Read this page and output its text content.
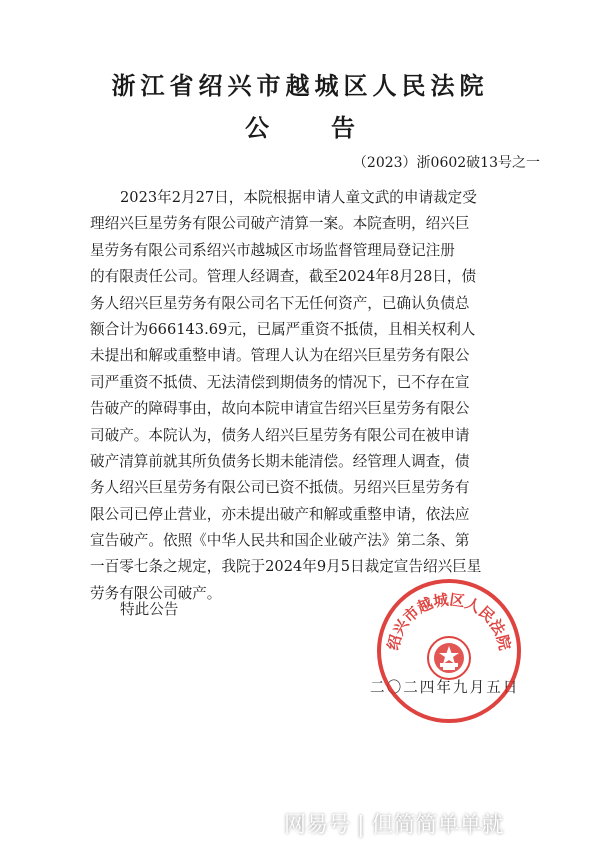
浙江省绍兴市越城区人民法院
公告
（2023）浙0602破13号之一
2023年2月27日，本院根据申请人童文武的申请裁定受
理绍兴巨星劳务有限公司破产清算一案。本院查明，绍兴巨
星劳务有限公司系绍兴市越城区市场监督管理局登记注册
的有限责任公司。管理人经调查，截至2024年8月28日，债
务人绍兴巨星劳务有限公司名下无任何资产，已确认负债总
额合计为666143.69元，已属严重资不抵债，且相关权利人
未提出和解或重整申请。管理人认为在绍兴巨星劳务有限公
司严重资不抵债、无法清偿到期债务的情况下，已不存在宣
告破产的障碍事由，故向本院申请宣告绍兴巨星劳务有限公
司破产。本院认为，债务人绍兴巨星劳务有限公司在被申请
破产清算前就其所负债务长期未能清偿。经管理人调查，债
务人绍兴巨星劳务有限公司已资不抵债。另绍兴巨星劳务有
限公司已停止营业，亦未提出破产和解或重整申请，依法应
宣告破产。依照《中华人民共和国企业破产法》第二条、第
一百零七条之规定，我院于2024年9月5日裁定宣告绍兴巨星
劳务有限公司破产。
特此公告
二〇二四年九月五日
绍兴市越城区人民法院
网易号 | 但简简单单就
